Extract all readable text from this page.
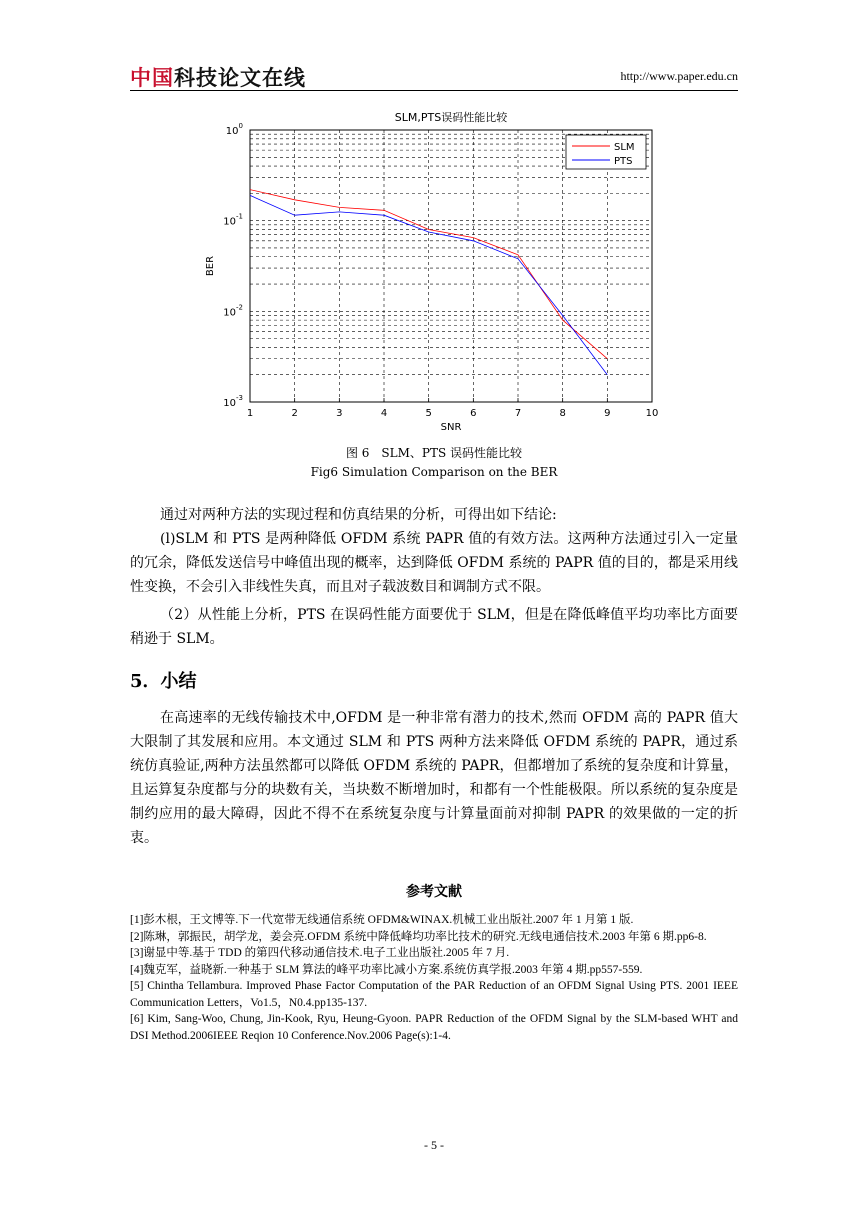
中国科技论文在线	http://www.paper.edu.cn
SLM,PTS误码性能比较
1	2	3	4	5	6	7	8	9	10
$10^0$
$10^{-1}$
$10^{-2}$
$10^{-3}$
SNR
BER
SLM
PTS
图 6　SLM、PTS 误码性能比较
Fig6 Simulation Comparison on the BER

通过对两种方法的实现过程和仿真结果的分析，可得出如下结论:

(l)SLM 和 PTS 是两种降低 OFDM 系统 PAPR 值的有效方法。这两种方法通过引入一定量的冗余，降低发送信号中峰值出现的概率，达到降低 OFDM 系统的 PAPR 值的目的，都是采用线性变换，不会引入非线性失真，而且对子载波数目和调制方式不限。

（2）从性能上分析，PTS 在误码性能方面要优于 SLM，但是在降低峰值平均功率比方面要稍逊于 SLM。

5．小结

在高速率的无线传输技术中,OFDM 是一种非常有潜力的技术,然而 OFDM 高的 PAPR 值大大限制了其发展和应用。本文通过 SLM 和 PTS 两种方法来降低 OFDM 系统的 PAPR，通过系统仿真验证,两种方法虽然都可以降低 OFDM 系统的 PAPR，但都增加了系统的复杂度和计算量，且运算复杂度都与分的块数有关，当块数不断增加时，和都有一个性能极限。所以系统的复杂度是制约应用的最大障碍，因此不得不在系统复杂度与计算量面前对抑制 PAPR 的效果做的一定的折衷。

参考文献
[1]彭木根，王文博等.下一代宽带无线通信系统 OFDM&WINAX.机械工业出版社.2007 年 1 月第 1 版.
[2]陈琳，郭振民，胡学龙，姜会亮.OFDM 系统中降低峰均功率比技术的研究.无线电通信技术.2003 年第 6 期.pp6-8.
[3]谢显中等.基于 TDD 的第四代移动通信技术.电子工业出版社.2005 年 7 月.
[4]魏克军，益晓新.一种基于 SLM 算法的峰平功率比减小方案.系统仿真学报.2003 年第 4 期.pp557-559.
[5] Chintha Tellambura. Improved Phase Factor Computation of the PAR Reduction of an OFDM Signal Using PTS. 2001 IEEE Communication Letters，Vo1.5，N0.4.pp135-137.
[6] Kim, Sang-Woo, Chung, Jin-Kook, Ryu, Heung-Gyoon. PAPR Reduction of the OFDM Signal by the SLM-based WHT and DSI Method.2006IEEE Reqion 10 Conference.Nov.2006 Page(s):1-4.
- 5 -
